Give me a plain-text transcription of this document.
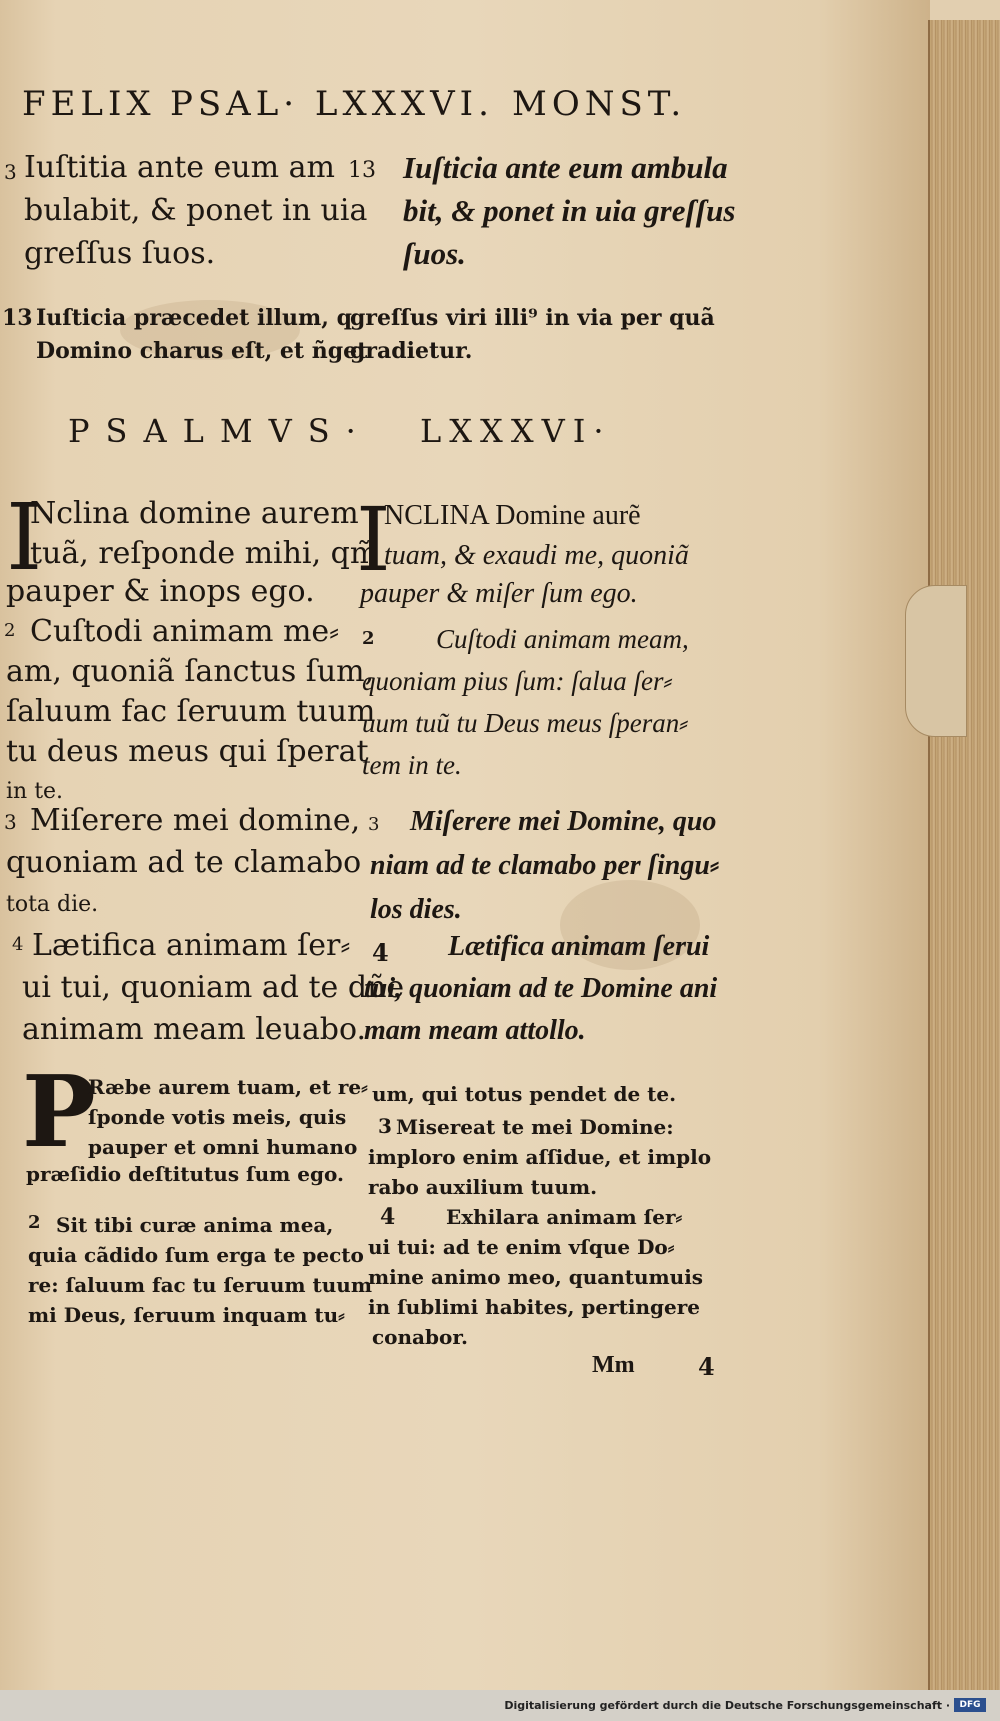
FELIX PSAL· LXXXVI. MONST.
3 Iuſtitia ante eum am
bulabit, & ponet in uia
greſſus ſuos.
13 Iuſticia ante eum ambula
bit, & ponet in uia greſſus
ſuos.
13 Iuſticia præcedet illum, q
Domino charus eſt, et ñget
greſſus viri illi⁹ in via per quã
gradietur.
PSALMVS· LXXXVI·
I
Nclina domine aurem
tuã, reſponde mihi, qm̃
pauper & inops ego.
2 Cuſtodi animam me⸗
am, quoniã ſanctus ſum,
ſaluum fac ſeruum tuum
tu deus meus qui ſperat
in te.
3 Miſerere mei domine,
quoniam ad te clamabo
tota die.
4 Lætifica animam ſer⸗
ui tui, quoniam ad te dñe
animam meam leuabo.
I
NCLINA Domine aurẽ
tuam, & exaudi me, quoniã
pauper & miſer ſum ego.
2	Cuſtodi animam meam,
quoniam pius ſum: ſalua ſer⸗
uum tuũ tu Deus meus ſperan⸗
tem in te.
3	Miſerere mei Domine, quo
niam ad te clamabo per ſingu⸗
los dies.
4	Lætifica animam ſerui
tui, quoniam ad te Domine ani
mam meam attollo.
P
Ræbe aurem tuam, et re⸗
ſponde votis meis, quis
pauper et omni humano
præſidio deſtitutus ſum ego.
2 Sit tibi curæ anima mea,
quia cãdido ſum erga te pecto
re: ſaluum fac tu ſeruum tuum
mi Deus, ſeruum inquam tu⸗
um, qui totus pendet de te.
3 Misereat te mei Domine:
imploro enim aſſidue, et implo
rabo auxilium tuum.
4	Exhilara animam ſer⸗
ui tui: ad te enim vſque Do⸗
mine animo meo, quantumuis
in ſublimi habites, pertingere
conabor.
Mm	4
Digitalisierung gefördert durch die Deutsche Forschungsgemeinschaft ·	DFG
